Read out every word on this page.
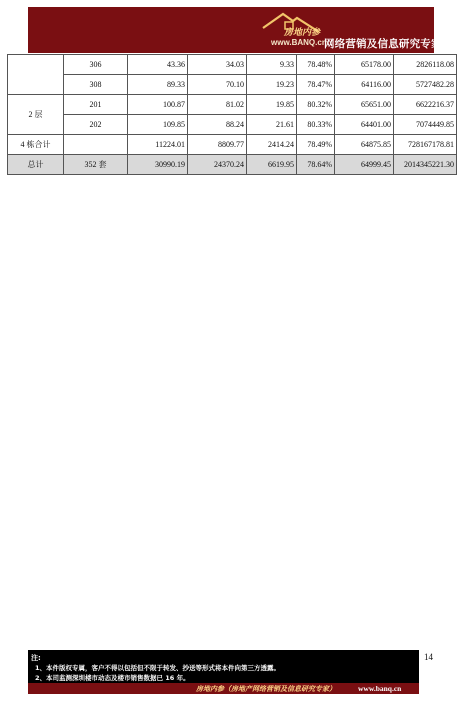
房地内参
www.BANQ.cn
网络营销及信息研究专家
	306	43.36	34.03	9.33	78.48%	65178.00	2826118.08
	308	89.33	70.10	19.23	78.47%	64116.00	5727482.28
2 层	201	100.87	81.02	19.85	80.32%	65651.00	6622216.37
	202	109.85	88.24	21.61	80.33%	64401.00	7074449.85
4 栋合计		11224.01	8809.77	2414.24	78.49%	64875.85	728167178.81
总计	352 套	30990.19	24370.24	6619.95	78.64%	64999.45	2014345221.30
14
注:
1、本件版权专属，客户不得以包括但不限于转发、抄送等形式将本件向第三方透露。
2、本司监测深圳楼市动态及楼市销售数据已 16 年。
房地内参（房地产网络营销及信息研究专家）	www.banq.cn
